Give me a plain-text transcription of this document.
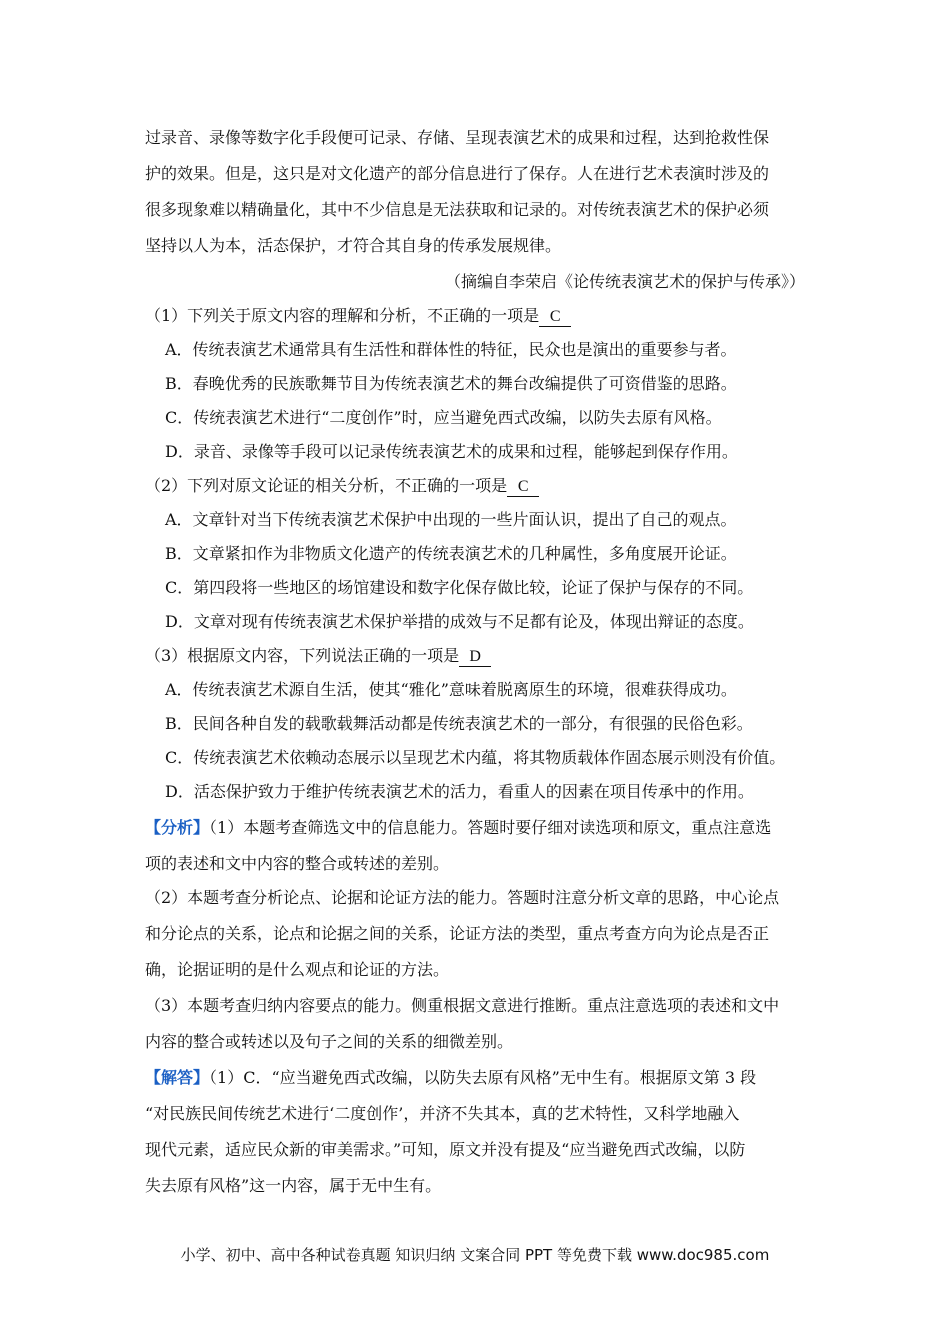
过录音、录像等数字化手段便可记录、存储、呈现表演艺术的成果和过程，达到抢救性保
护的效果。但是，这只是对文化遗产的部分信息进行了保存。人在进行艺术表演时涉及的
很多现象难以精确量化，其中不少信息是无法获取和记录的。对传统表演艺术的保护必须
坚持以人为本，活态保护，才符合其自身的传承发展规律。
（摘编自李荣启《论传统表演艺术的保护与传承》）
（1）下列关于原文内容的理解和分析，不正确的一项是 C
A．传统表演艺术通常具有生活性和群体性的特征，民众也是演出的重要参与者。
B．春晚优秀的民族歌舞节目为传统表演艺术的舞台改编提供了可资借鉴的思路。
C．传统表演艺术进行“二度创作”时，应当避免西式改编，以防失去原有风格。
D．录音、录像等手段可以记录传统表演艺术的成果和过程，能够起到保存作用。
（2）下列对原文论证的相关分析，不正确的一项是 C
A．文章针对当下传统表演艺术保护中出现的一些片面认识，提出了自己的观点。
B．文章紧扣作为非物质文化遗产的传统表演艺术的几种属性，多角度展开论证。
C．第四段将一些地区的场馆建设和数字化保存做比较，论证了保护与保存的不同。
D．文章对现有传统表演艺术保护举措的成效与不足都有论及，体现出辩证的态度。
（3）根据原文内容，下列说法正确的一项是 D
A．传统表演艺术源自生活，使其“雅化”意味着脱离原生的环境，很难获得成功。
B．民间各种自发的载歌载舞活动都是传统表演艺术的一部分，有很强的民俗色彩。
C．传统表演艺术依赖动态展示以呈现艺术内蕴，将其物质载体作固态展示则没有价值。
D．活态保护致力于维护传统表演艺术的活力，看重人的因素在项目传承中的作用。
【分析】（1）本题考查筛选文中的信息能力。答题时要仔细对读选项和原文，重点注意选
项的表述和文中内容的整合或转述的差别。
（2）本题考查分析论点、论据和论证方法的能力。答题时注意分析文章的思路，中心论点
和分论点的关系，论点和论据之间的关系，论证方法的类型，重点考查方向为论点是否正
确，论据证明的是什么观点和论证的方法。
（3）本题考查归纳内容要点的能力。侧重根据文意进行推断。重点注意选项的表述和文中
内容的整合或转述以及句子之间的关系的细微差别。
【解答】（1）C．“应当避免西式改编，以防失去原有风格”无中生有。根据原文第 3 段
“对民族民间传统艺术进行‘二度创作’，并济不失其本，真的艺术特性，又科学地融入
现代元素，适应民众新的审美需求。”可知，原文并没有提及“应当避免西式改编，以防
失去原有风格”这一内容，属于无中生有。
小学、初中、高中各种试卷真题 知识归纳 文案合同 PPT 等免费下载 www.doc985.com
